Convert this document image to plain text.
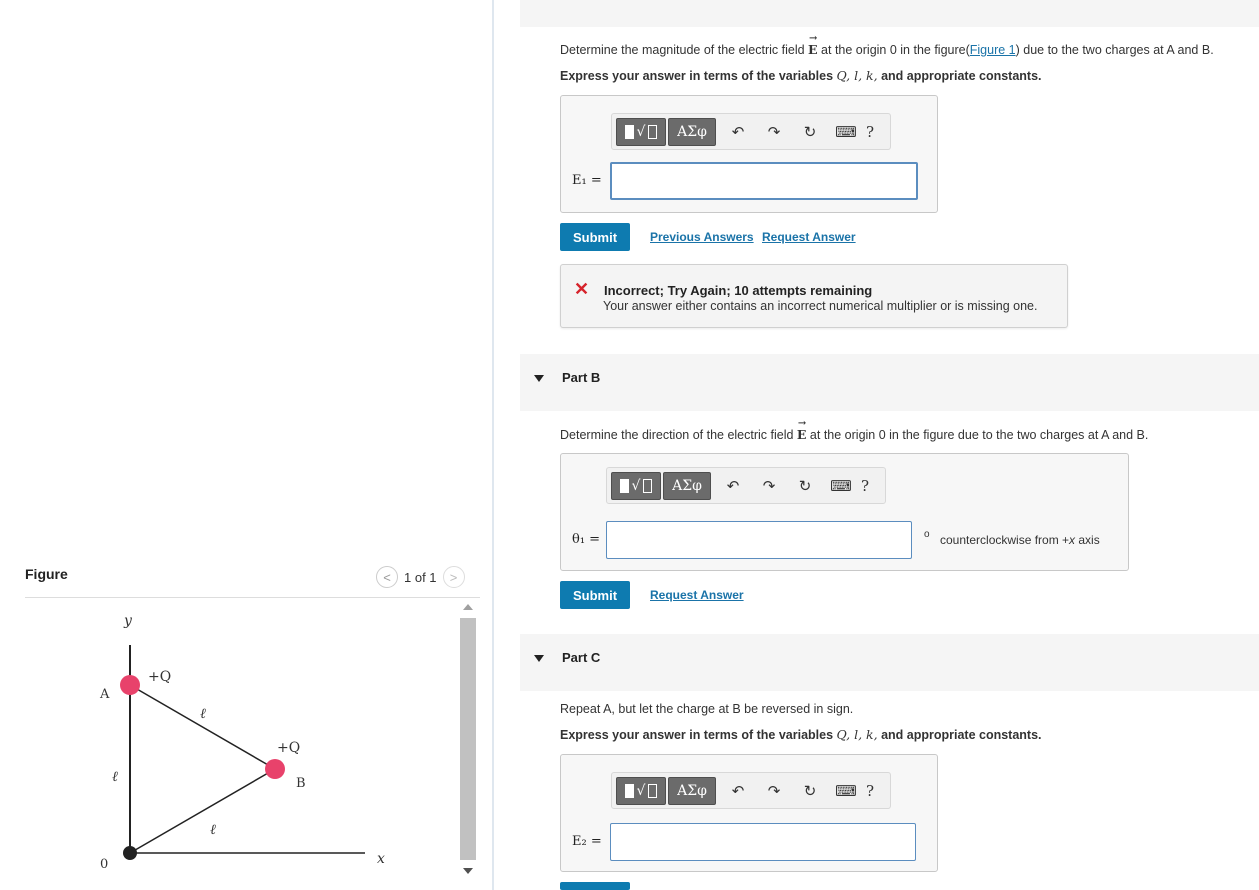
Figure	<	1 of 1	>
y
x
0
A
B
+Q
+Q
ℓ
ℓ
ℓ
Determine the magnitude of the electric field E
→
at the origin 0 in the figure(Figure 1) due to the two charges at A and B.
Express your answer in terms of the variables Q, l, k, and appropriate constants.
√	ΑΣφ	↶	↷	↻	⌨ ?
E₁ =
Submit	Previous Answers Request Answer
✕ Incorrect; Try Again; 10 attempts remaining
Your answer either contains an incorrect numerical multiplier or is missing one.
Part B
Determine the direction of the electric field E
→
at the origin 0 in the figure due to the two charges at A and B.
√	ΑΣφ	↶	↷	↻	⌨ ?
θ₁ =	o counterclockwise from +x axis
Submit	Request Answer
Part C
Repeat A, but let the charge at B be reversed in sign.
Express your answer in terms of the variables Q, l, k, and appropriate constants.
√	ΑΣφ	↶	↷	↻	⌨ ?
E₂ =
